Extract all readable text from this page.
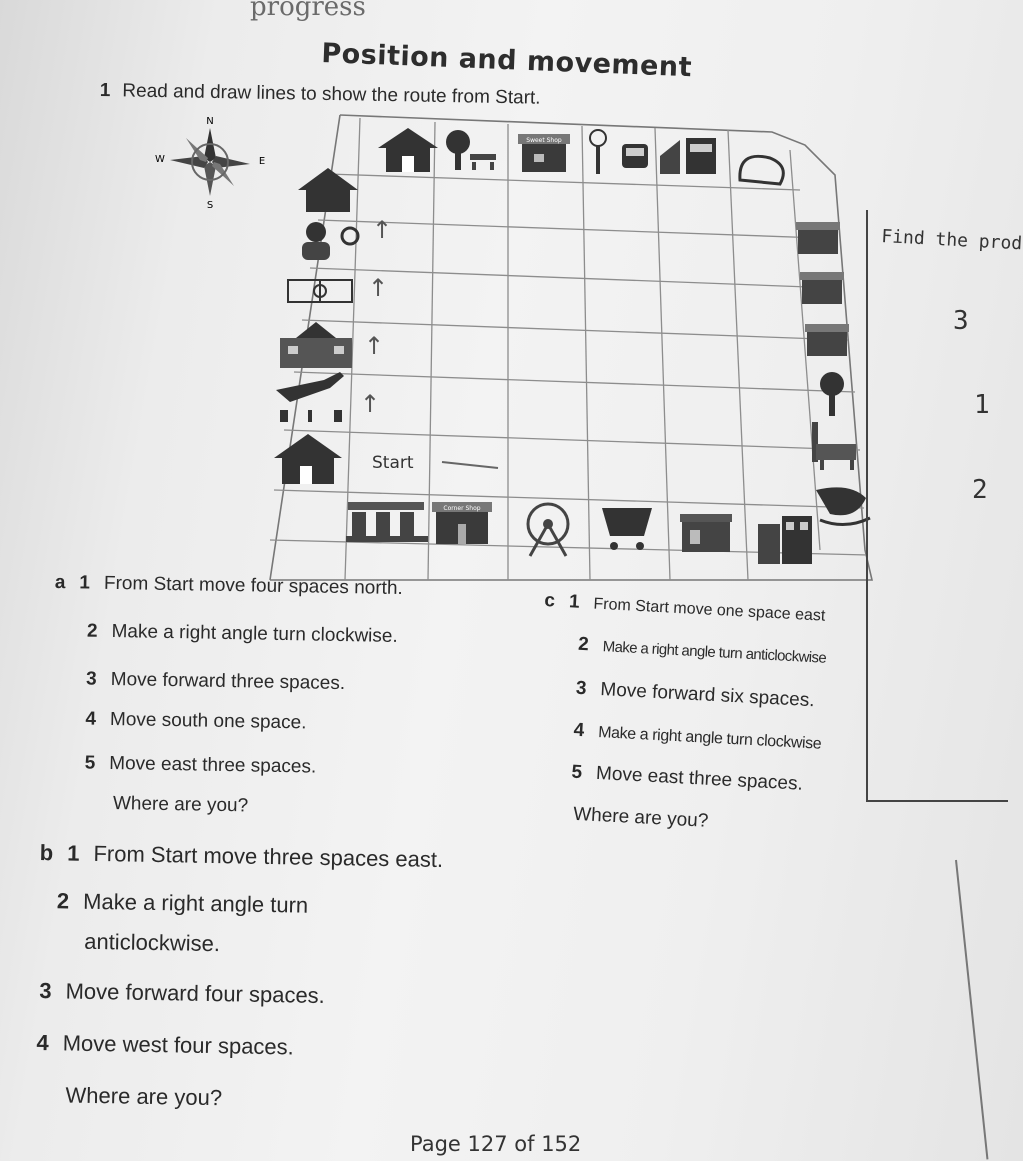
progress
Position and movement
1 Read and draw lines to show the route from Start.
N
E
S
W
Sweet Shop
↑
↑
↑
↑
Start
Corner Shop
Find the prod
3
1
2
a 1 From Start move four spaces north.
2 Make a right angle turn clockwise.
3 Move forward three spaces.
4 Move south one space.
5 Move east three spaces.
Where are you?
c 1 From Start move one space east
2 Make a right angle turn anticlockwise
3 Move forward six spaces.
4 Make a right angle turn clockwise
5 Move east three spaces.
Where are you?
b 1 From Start move three spaces east.
2 Make a right angle turn
anticlockwise.
3 Move forward four spaces.
4 Move west four spaces.
Where are you?
Page 127 of 152
